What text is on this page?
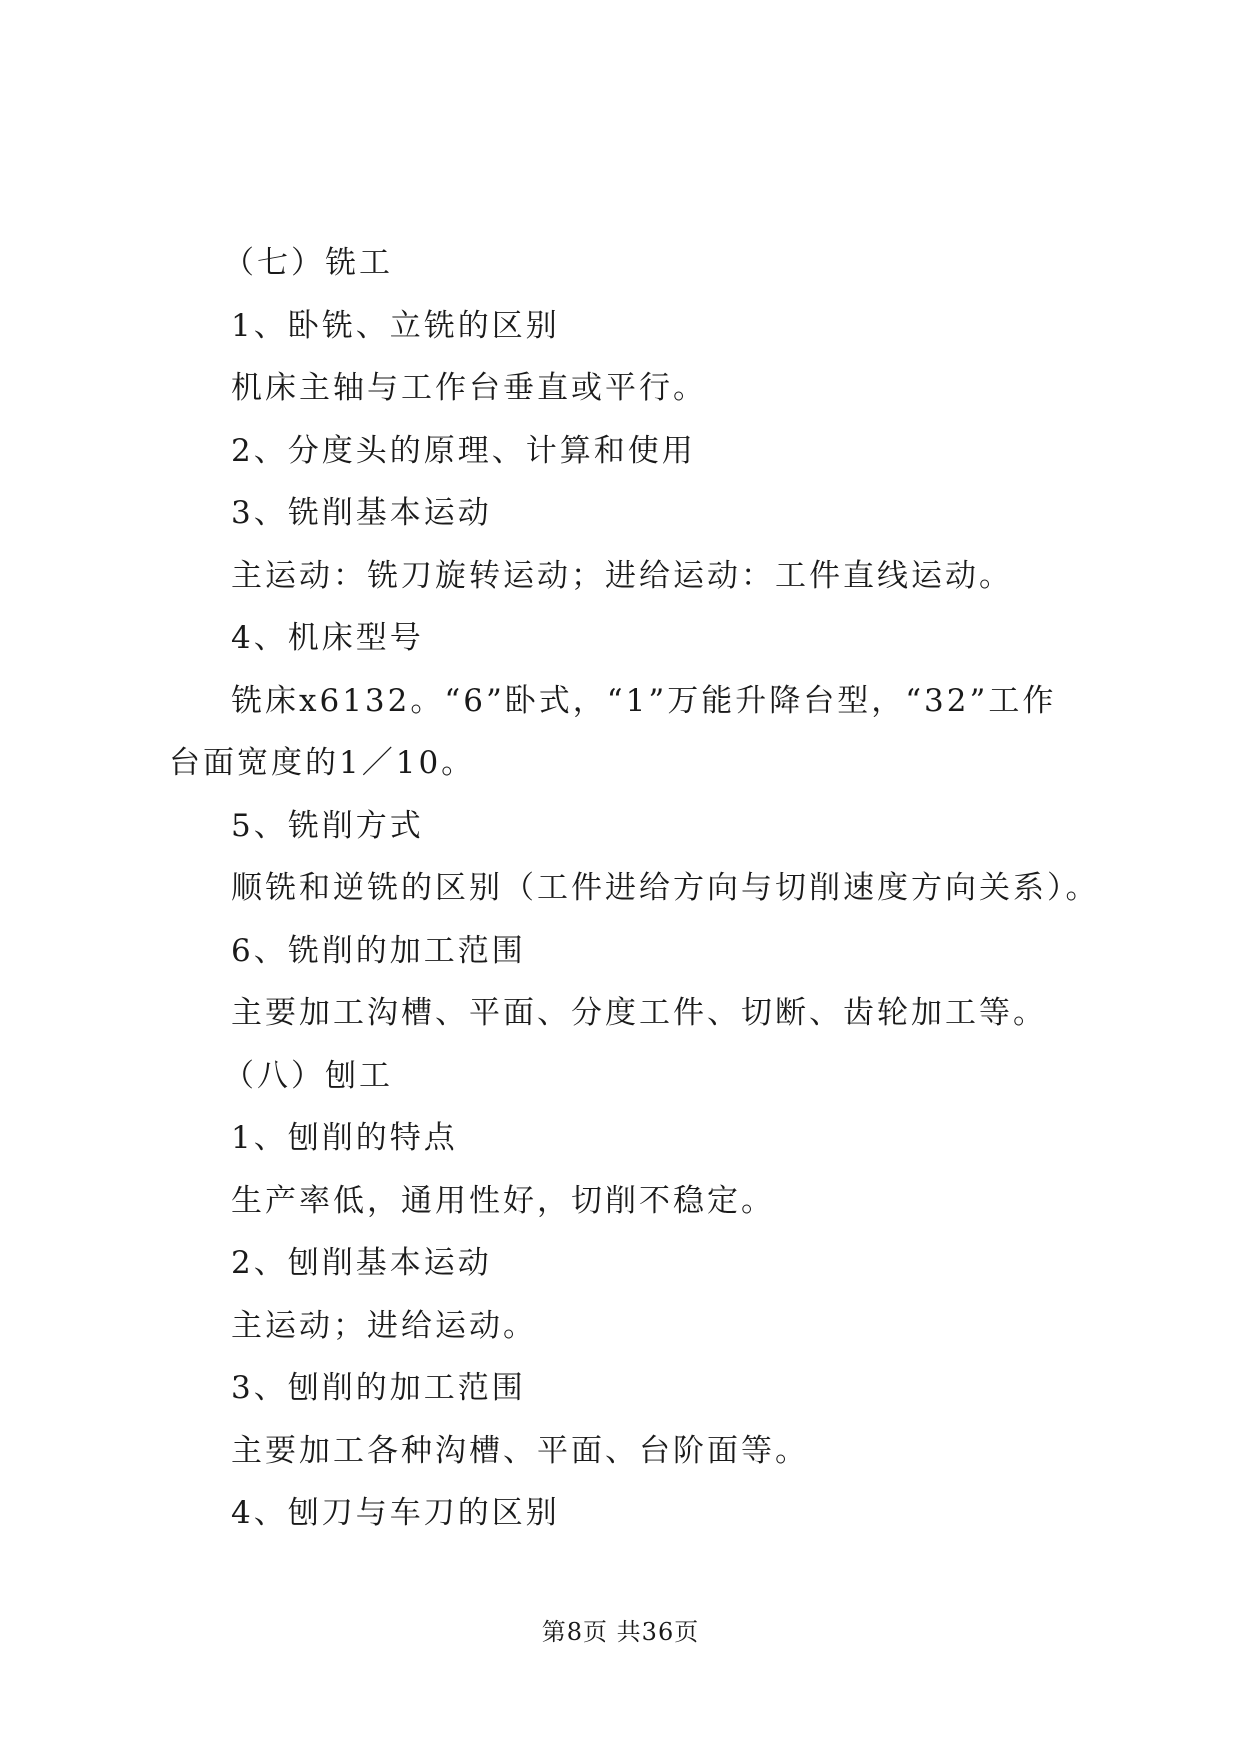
（七）铣工
1、卧铣、立铣的区别
机床主轴与工作台垂直或平行。
2、分度头的原理、计算和使用
3、铣削基本运动
主运动：铣刀旋转运动；进给运动：工件直线运动。
4、机床型号
铣床x6132。“6”卧式，“1”万能升降台型，“32”工作台面宽度的1／10。
5、铣削方式
顺铣和逆铣的区别（工件进给方向与切削速度方向关系）。
6、铣削的加工范围
主要加工沟槽、平面、分度工件、切断、齿轮加工等。
（八）刨工
1、刨削的特点
生产率低，通用性好，切削不稳定。
2、刨削基本运动
主运动；进给运动。
3、刨削的加工范围
主要加工各种沟槽、平面、台阶面等。
4、刨刀与车刀的区别
第8页 共36页
